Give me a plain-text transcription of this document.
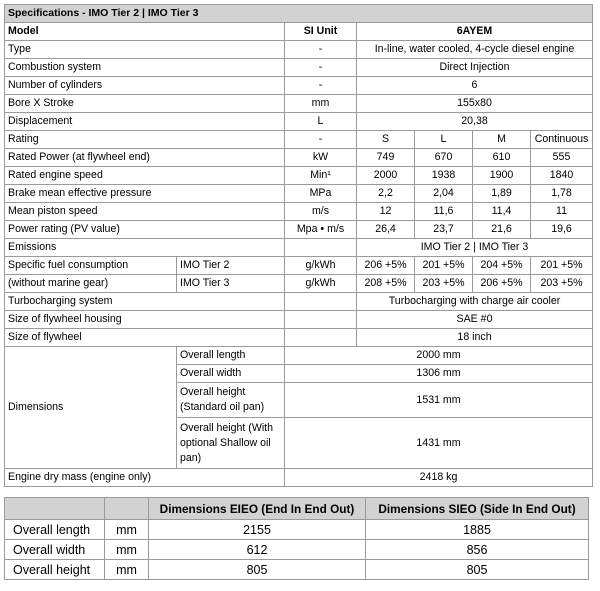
Specifications - IMO Tier 2 | IMO Tier 3						
Model		SI Unit	6AYEM			
Type		-	In-line, water cooled, 4-cycle diesel engine			
Combustion system		-	Direct Injection			
Number of cylinders		-	6			
Bore X Stroke		mm	155x80			
Displacement		L	20,38			
Rating		-	S	L	M	Continuous
Rated Power (at flywheel end)		kW	749	670	610	555
Rated engine speed		Min¹	2000	1938	1900	1840
Brake mean effective pressure		MPa	2,2	2,04	1,89	1,78
Mean piston speed		m/s	12	11,6	11,4	11
Power rating (PV value)		Mpa • m/s	26,4	23,7	21,6	19,6
Emissions			IMO Tier 2 | IMO Tier 3			
Specific fuel consumption	IMO Tier 2	g/kWh	206 +5%	201 +5%	204 +5%	201 +5%
(without marine gear)	IMO Tier 3	g/kWh	208 +5%	203 +5%	206 +5%	203 +5%
Turbocharging system			Turbocharging with charge air cooler			
Size of flywheel housing			SAE #0			
Size of flywheel			18 inch			
Dimensions	Overall length	2000 mm				
	Overall width	1306 mm				
	Overall height (Standard oil pan)	1531 mm				
	Overall height (With optional Shallow oil pan)	1431 mm				
Engine dry mass (engine only)		2418 kg				
		Dimensions EIEO (End In End Out)	Dimensions SIEO (Side In End Out)
Overall length	mm	2155	1885
Overall width	mm	612	856
Overall height	mm	805	805
